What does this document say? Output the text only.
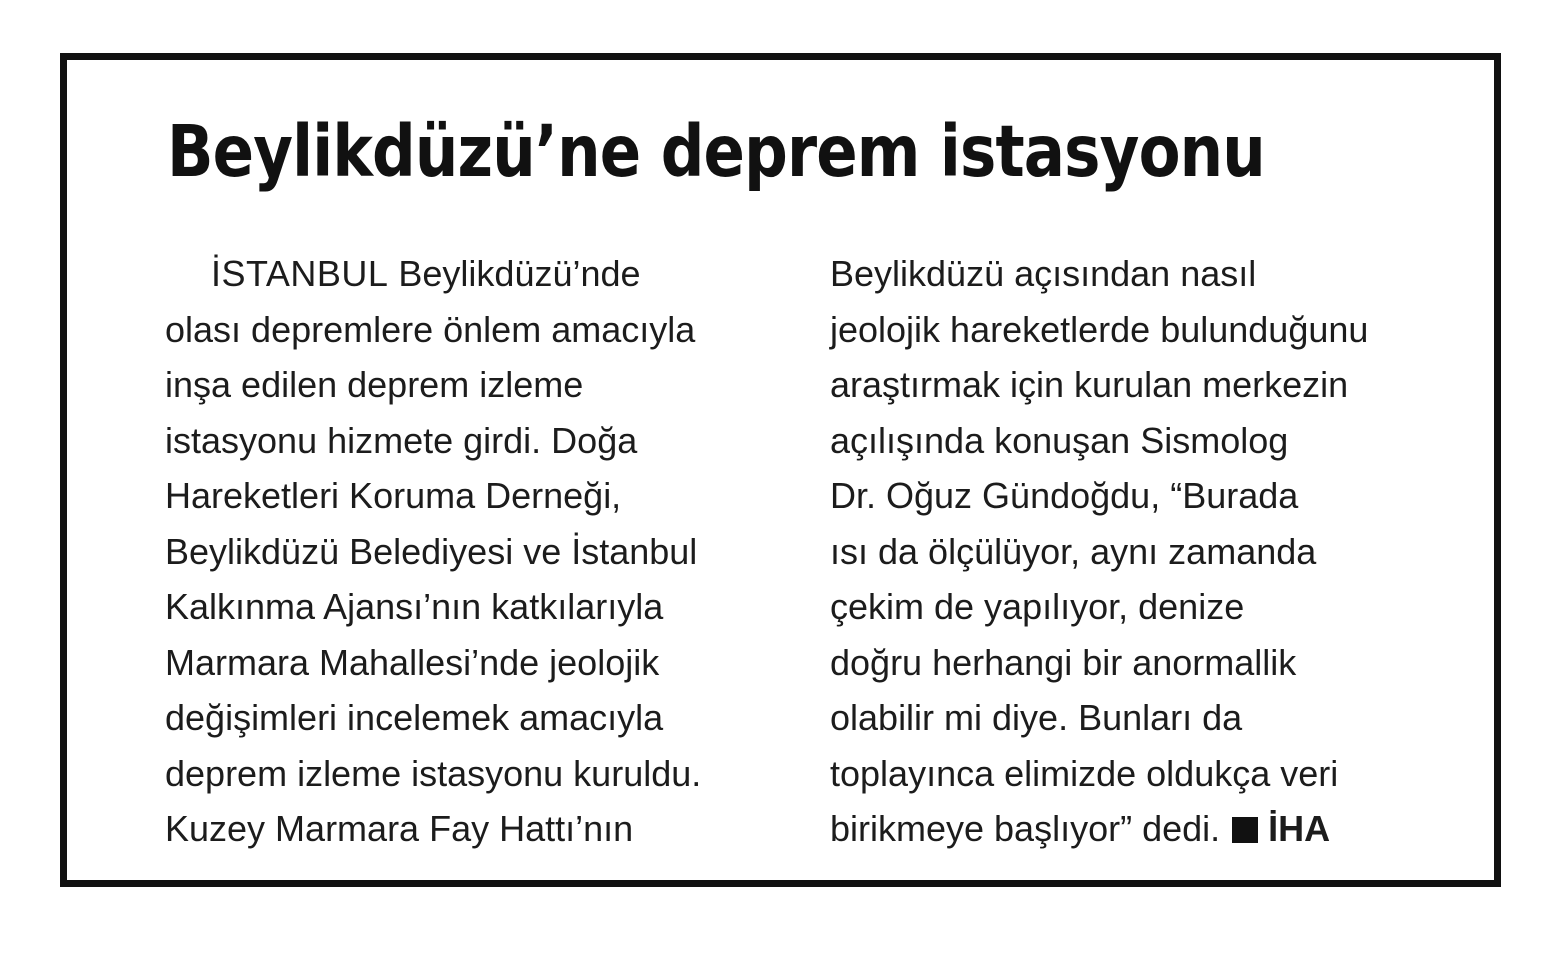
Beylikdüzü’ne deprem istasyonu
İSTANBUL Beylikdüzü’nde
olası depremlere önlem amacıyla
inşa edilen deprem izleme
istasyonu hizmete girdi. Doğa
Hareketleri Koruma Derneği,
Beylikdüzü Belediyesi ve İstanbul
Kalkınma Ajansı’nın katkılarıyla
Marmara Mahallesi’nde jeolojik
değişimleri incelemek amacıyla
deprem izleme istasyonu kuruldu.
Kuzey Marmara Fay Hattı’nın
Beylikdüzü açısından nasıl
jeolojik hareketlerde bulunduğunu
araştırmak için kurulan merkezin
açılışında konuşan Sismolog
Dr. Oğuz Gündoğdu, “Burada
ısı da ölçülüyor, aynı zamanda
çekim de yapılıyor, denize
doğru herhangi bir anormallik
olabilir mi diye. Bunları da
toplayınca elimizde oldukça veri
birikmeye başlıyor” dedi. İHA
